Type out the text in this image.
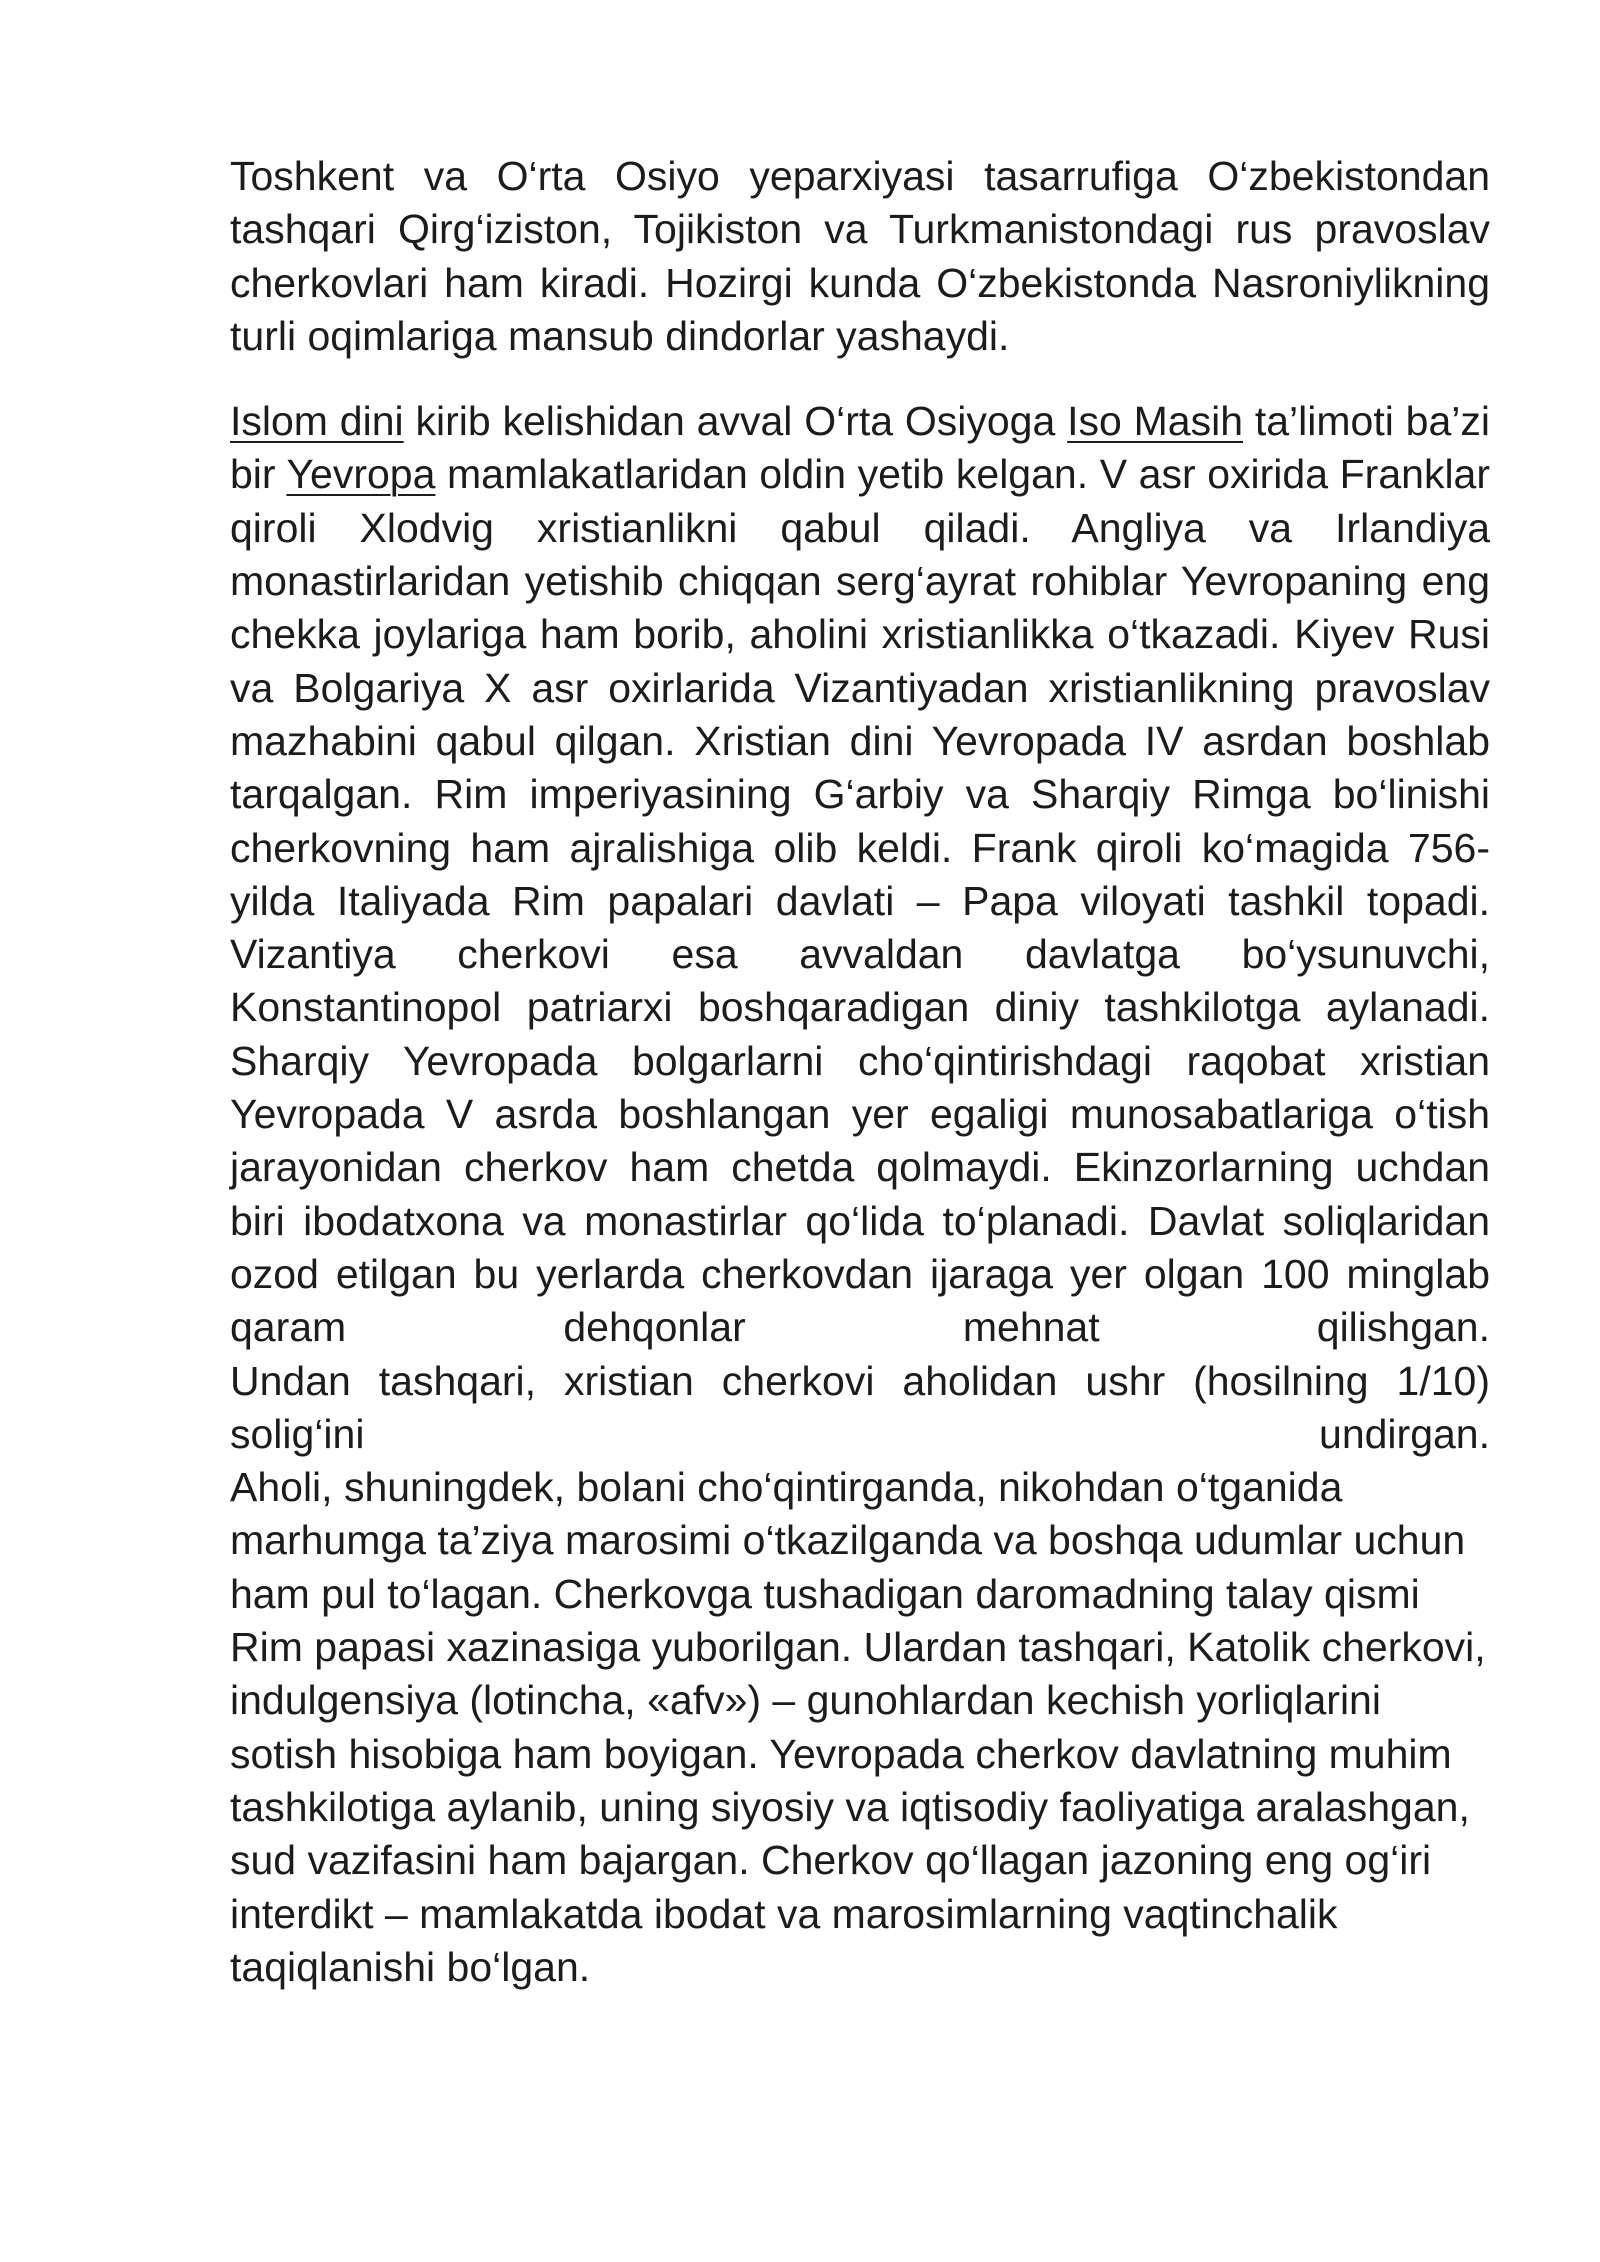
Toshkent va O‘rta Osiyo yeparxiyasi tasarrufiga O‘zbekistondan tashqari Qirg‘iziston, Tojikiston va Turkmanistondagi rus pravoslav cherkovlari ham kiradi. Hozirgi kunda O‘zbekistonda Nasroniylikning turli oqimlariga mansub dindorlar yashaydi.

Islom dini kirib kelishidan avval O‘rta Osiyoga Iso Masih ta’limoti ba’zi bir Yevropa mamlakatlaridan oldin yetib kelgan. V asr oxirida Franklar qiroli Xlodvig xristianlikni qabul qiladi. Angliya va Irlandiya monastirlaridan yetishib chiqqan serg‘ayrat rohiblar Yevropaning eng chekka joylariga ham borib, aholini xristianlikka o‘tkazadi. Kiyev Rusi va Bolgariya X asr oxirlarida Vizantiyadan xristianlikning pravoslav mazhabini qabul qilgan. Xristian dini Yevropada IV asrdan boshlab tarqalgan. Rim imperiyasining G‘arbiy va Sharqiy Rimga bo‘linishi cherkovning ham ajralishiga olib keldi. Frank qiroli ko‘magida 756-yilda Italiyada Rim papalari davlati – Papa viloyati tashkil topadi. Vizantiya cherkovi esa avvaldan davlatga bo‘ysunuvchi, Konstantinopol patriarxi boshqaradigan diniy tashkilotga aylanadi.
Sharqiy Yevropada bolgarlarni cho‘qintirishdagi raqobat xristian Yevropada V asrda boshlangan yer egaligi munosabatlariga o‘tish jarayonidan cherkov ham chetda qolmaydi. Ekinzorlarning uchdan biri ibodatxona va monastirlar qo‘lida to‘planadi. Davlat soliqlaridan ozod etilgan bu yerlarda cherkovdan ijaraga yer olgan 100 minglab qaram dehqonlar mehnat qilishgan.
Undan tashqari, xristian cherkovi aholidan ushr (hosilning 1/10) solig‘ini undirgan.
Aholi, shuningdek, bolani cho‘qintirganda, nikohdan o‘tganida marhumga ta’ziya marosimi o‘tkazilganda va boshqa udumlar uchun ham pul to‘lagan. Cherkovga tushadigan daromadning talay qismi Rim papasi xazinasiga yuborilgan. Ulardan tashqari, Katolik cherkovi, indulgensiya (lotincha, «afv») – gunohlardan kechish yorliqlarini sotish hisobiga ham boyigan. Yevropada cherkov davlatning muhim tashkilotiga aylanib, uning siyosiy va iqtisodiy faoliyatiga aralashgan, sud vazifasini ham bajargan. Cherkov qo‘llagan jazoning eng og‘iri interdikt – mamlakatda ibodat va marosimlarning vaqtinchalik taqiqlanishi bo‘lgan.
